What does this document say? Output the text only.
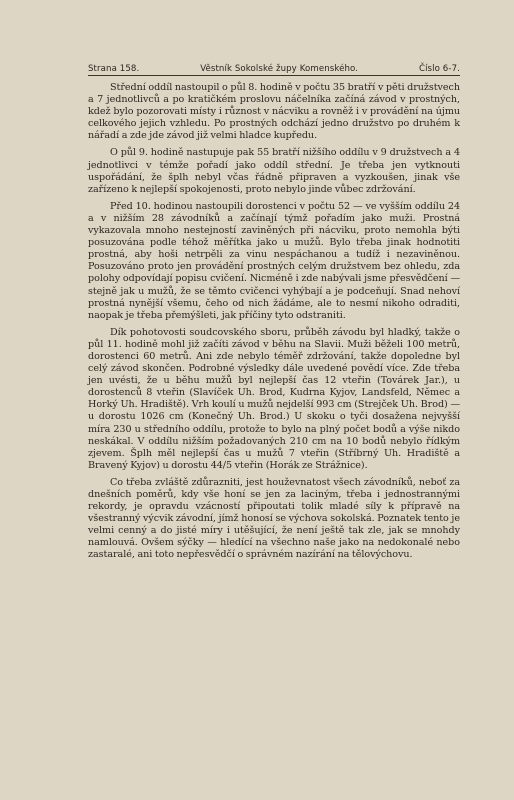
Strana 158.	Věstník Sokolské župy Komenského.	Číslo 6-7.

Střední oddíl nastoupil o půl 8. hodině v počtu 35 bratří v pěti družstvech a 7 jednotlivců a po kratičkém proslovu náčelníka začíná závod v prostných, kdež bylo pozorovati místy i různost v nácviku a rovněž i v provádění na újmu celkového jejich vzhledu. Po prostných odchází jedno družstvo po druhém k nářadí a zde jde závod již velmi hladce kupředu.

O půl 9. hodině nastupuje pak 55 bratří nižšího oddílu v 9 družstvech a 4 jednotlivci v témže pořadí jako oddíl střední. Je třeba jen vytknouti uspořádání, že šplh nebyl včas řádně připraven a vyzkoušen, jinak vše zařízeno k nejlepší spokojenosti, proto nebylo jinde vůbec zdržování.

Před 10. hodinou nastoupili dorostenci v počtu 52 — ve vyšším oddílu 24 a v nižším 28 závodníků a začínají týmž pořadím jako muži. Prostná vykazovala mnoho nestejností zaviněných při nácviku, proto nemohla býti posuzována podle téhož měřítka jako u mužů. Bylo třeba jinak hodnotiti prostná, aby hoši netrpěli za vinu nespáchanou a tudíž i nezaviněnou. Posuzováno proto jen provádění prostných celým družstvem bez ohledu, zda polohy odpovídají popisu cvičení. Nicméně i zde nabývali jsme přesvědčení — stejně jak u mužů, že se těmto cvičenci vyhýbají a je podceňují. Snad nehoví prostná nynější všemu, čeho od nich žádáme, ale to nesmí nikoho odraditi, naopak je třeba přemýšleti, jak příčiny tyto odstraniti.

Dík pohotovosti soudcovského sboru, průběh závodu byl hladký, takže o půl 11. hodině mohl již začíti závod v běhu na Slavii. Muži běželi 100 metrů, dorostenci 60 metrů. Ani zde nebylo téměř zdržování, takže dopoledne byl celý závod skončen. Podrobné výsledky dále uvedené povědí více. Zde třeba jen uvésti, že u běhu mužů byl nejlepší čas 12 vteřin (Továrek Jar.), u dorostenců 8 vteřin (Slavíček Uh. Brod, Kudrna Kyjov, Landsfeld, Němec a Horký Uh. Hradiště). Vrh koulí u mužů nejdelší 993 cm (Strejček Uh. Brod) — u dorostu 1026 cm (Konečný Uh. Brod.) U skoku o tyči dosažena nejvyšší míra 230 u středního oddílu, protože to bylo na plný počet bodů a výše nikdo neskákal. V oddílu nižším požadovaných 210 cm na 10 bodů nebylo řídkým zjevem. Šplh měl nejlepší čas u mužů 7 vteřin (Stříbrný Uh. Hradiště a Bravený Kyjov) u dorostu 44/5 vteřin (Horák ze Strážnice).

Co třeba zvláště zdůrazniti, jest houževnatost všech závodníků, neboť za dnešních poměrů, kdy vše honí se jen za laciným, třeba i jednostrannými rekordy, je opravdu vzácností připoutati tolik mladé síly k přípravě na všestranný výcvik závodní, jímž honosí se výchova sokolská. Poznatek tento je velmi cenný a do jisté míry i utěšující, že není ještě tak zle, jak se mnohdy namlouvá. Ovšem sýčky — hledící na všechno naše jako na nedokonalé nebo zastaralé, ani toto nepřesvědčí o správném nazírání na tělovýchovu.
